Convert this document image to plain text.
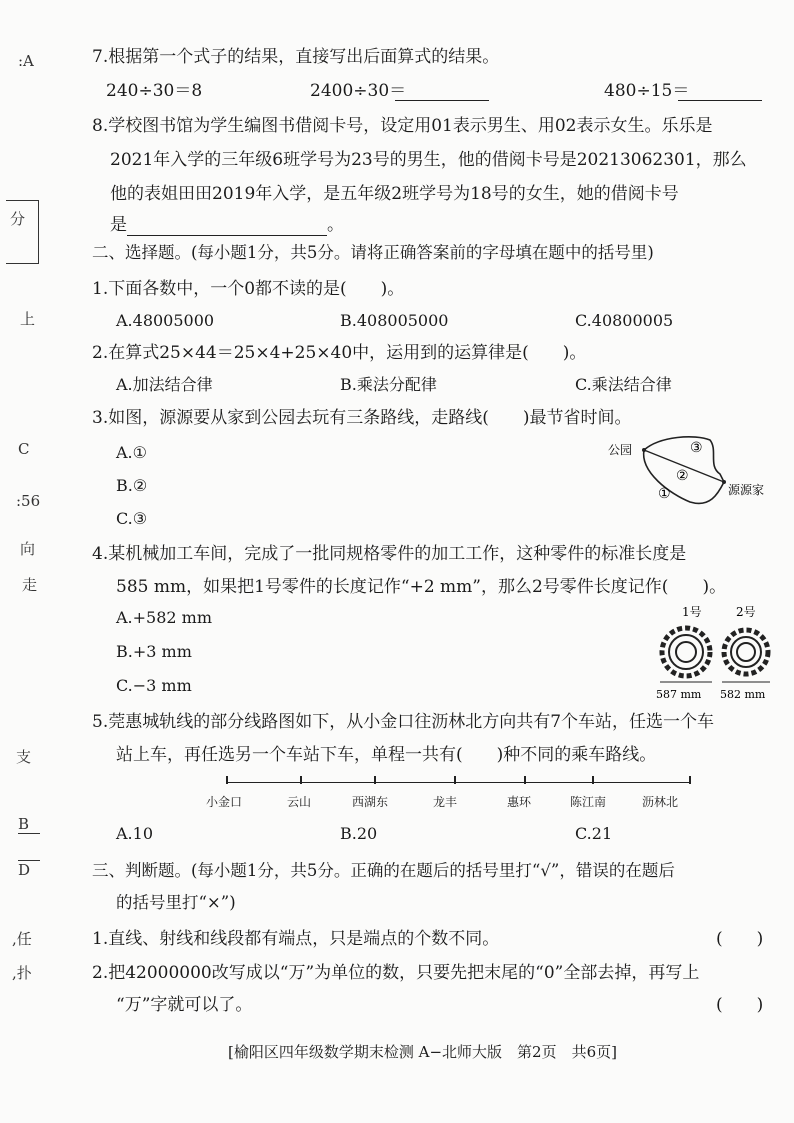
:A
分
上
C
:56
向
走
支
B
D
,任
,扑
7.根据第一个式子的结果，直接写出后面算式的结果。
240÷30＝8	2400÷30＝	480÷15＝
8.学校图书馆为学生编图书借阅卡号，设定用01表示男生、用02表示女生。乐乐是
2021年入学的三年级6班学号为23号的男生，他的借阅卡号是20213062301，那么
他的表姐田田2019年入学，是五年级2班学号为18号的女生，她的借阅卡号
是	。
二、选择题。(每小题1分，共5分。请将正确答案前的字母填在题中的括号里)
1.下面各数中，一个0都不读的是(　　)。
A.48005000	B.408005000	C.40800005
2.在算式25×44＝25×4+25×40中，运用到的运算律是(　　)。
A.加法结合律	B.乘法分配律	C.乘法结合律
3.如图，源源要从家到公园去玩有三条路线，走路线(　　)最节省时间。
A.①
B.②
C.③
公园
源源家
③
②
①
4.某机械加工车间，完成了一批同规格零件的加工工作，这种零件的标准长度是
585 mm，如果把1号零件的长度记作“+2 mm”，那么2号零件长度记作(　　)。
A.+582 mm
B.+3 mm
C.−3 mm
1号	2号
587 mm 582 mm
5.莞惠城轨线的部分线路图如下，从小金口往沥林北方向共有7个车站，任选一个车
站上车，再任选另一个车站下车，单程一共有(　　)种不同的乘车路线。
小金口	云山	西湖东	龙丰	惠环	陈江南	沥林北
A.10	B.20	C.21
三、判断题。(每小题1分，共5分。正确的在题后的括号里打“√”，错误的在题后
的括号里打“×”)
1.直线、射线和线段都有端点，只是端点的个数不同。	(　　)
2.把42000000改写成以“万”为单位的数，只要先把末尾的“0”全部去掉，再写上
“万”字就可以了。	(　　)
[榆阳区四年级数学期末检测 A−北师大版　第2页　共6页]
